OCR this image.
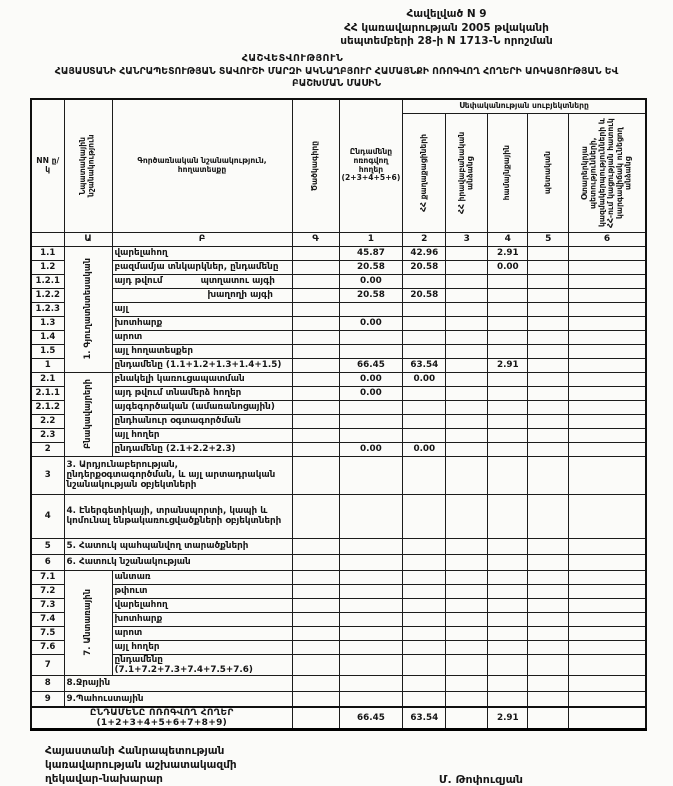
Հավելված N 9
ՀՀ կառավարության 2005 թվականի
սեպտեմբերի 28-ի N 1713-Ն որոշման
ՀԱՇՎԵՏՎՈՒԹՅՈՒՆ
ՀԱՅԱՍՏԱՆԻ ՀԱՆՐԱՊԵՏՈՒԹՅԱՆ ՏԱՎՈՒՇԻ ՄԱՐԶԻ ԱԿՆԱՂԲՅՈՒՐ ՀԱՄԱՅՆՔԻ ՈՌՈԳՎՈՂ ՀՈՂԵՐԻ ԱՌԿԱՅՈՒԹՅԱՆ ԵՎ
ԲԱՇԽՄԱՆ ՄԱՍԻՆ
NN ը/կ	Նպատակային նշանակություն	Գործառնական նշանակություն, հողատեսքը	Ծածկագիրը	Ընդամենը ոռոգվող հողեր (2+3+4+5+6)	Սեփականության սուբյեկտները				

					ՀՀ քաղաքացիների	ՀՀ իրավաբանական անձանց	համայնքային	պետական	Օտարերկրյա պետությունների, կազմակերպությունների և ՀՀ-ում կացության հատուկ կարգավիճակ ունեցող անձանց

	Ա	Բ	Գ	1	2	3	4	5	6
1.1	1. Գյուղատնտեսական	վարելահող		45.87	42.96		2.91		
1.2		բազմամյա տնկարկներ, ընդամենը		20.58	20.58		0.00		
1.2.1		այդ թվում պտղատու այգի		0.00					
1.2.2		խաղողի այգի		20.58	20.58				
1.2.3		այլ							
1.3		խոտհարք		0.00					
1.4		արոտ							
1.5		այլ հողատեսքեր							
1		ընդամենը (1.1+1.2+1.3+1.4+1.5)		66.45	63.54		2.91		
2.1	Բնակավայրերի	բնակելի կառուցապատման		0.00	0.00				
2.1.1		այդ թվում տնամերձ հողեր		0.00					
2.1.2		այգեգործական (ամառանոցային)							
2.2		ընդհանուր օգտագործման							
2.3		այլ հողեր							
2		ընդամենը (2.1+2.2+2.3)		0.00	0.00				
3	3. Արդյունաբերության, ընդերքօգտագործման, և այլ արտադրական նշանակության օբյեկտների								
4	4. Էներգետիկայի, տրանսպորտի, կապի և կոմունալ ենթակառուցվածքների օբյեկտների								
5	5. Հատուկ պահպանվող տարածքների								
6	6. Հատուկ նշանակության								
7.1	7. Անտառային	անտառ							
7.2		թփուտ							
7.3		վարելահող							
7.4		խոտհարք							
7.5		արոտ							
7.6		այլ հողեր							
7		ընդամենը (7.1+7.2+7.3+7.4+7.5+7.6)							
8	8.Ջրային								
9	9.Պահուստային								
ԸՆԴԱՄԵՆԸ ՈՌՈԳՎՈՂ ՀՈՂԵՐ (1+2+3+4+5+6+7+8+9)				66.45	63.54		2.91		
Հայաստանի Հանրապետության
կառավարության աշխատակազմի
ղեկավար-նախարար	Մ. Թոփուզյան
